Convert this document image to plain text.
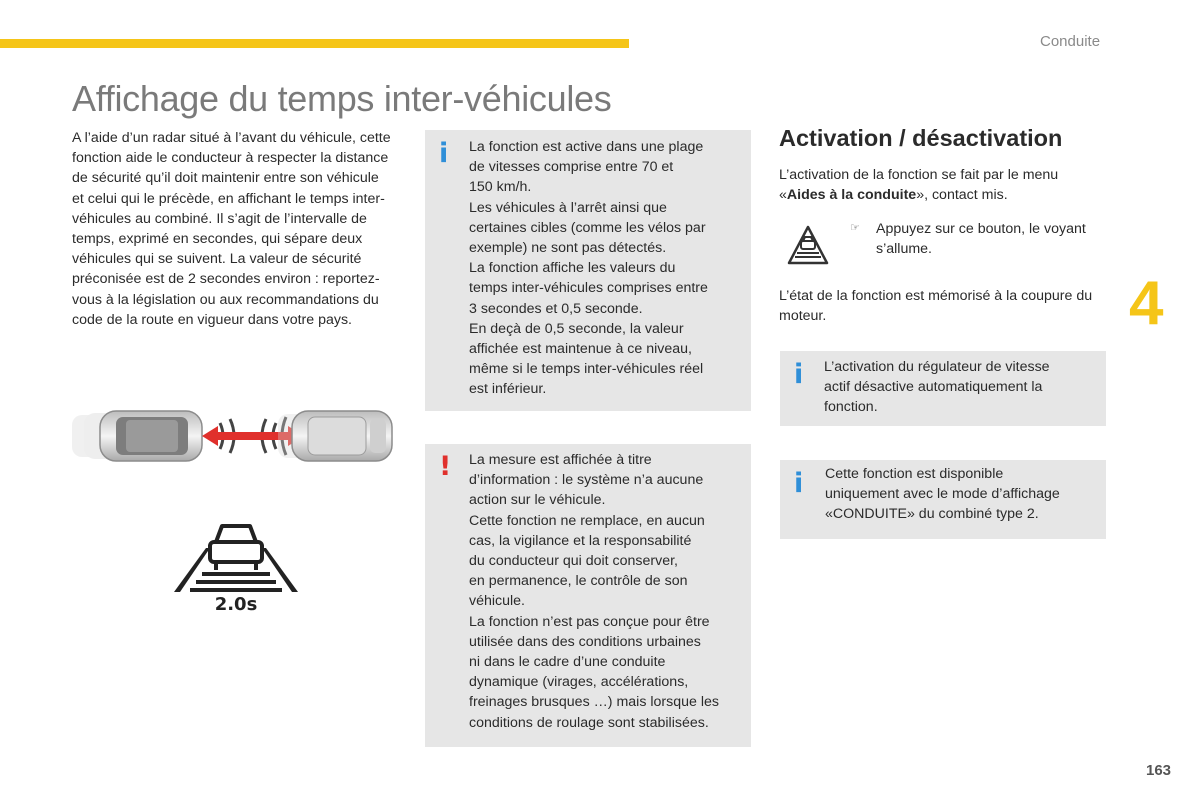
Conduite
Affichage du temps inter-véhicules

A l’aide d’un radar situé à l’avant du véhicule, cette fonction aide le conducteur à respecter la distance de sécurité qu’il doit maintenir entre son véhicule et celui qui le précède, en affichant le temps inter-véhicules au combiné. Il s’agit de l’intervalle de temps, exprimé en secondes, qui sépare deux véhicules qui se suivent. La valeur de sécurité préconisée est de 2 secondes environ : reportez-vous à la législation ou aux recommandations du code de la route en vigueur dans votre pays.

2.0s
i La fonction est active dans une plage
de vitesses comprise entre 70 et
150 km/h.
Les véhicules à l’arrêt ainsi que
certaines cibles (comme les vélos par
exemple) ne sont pas détectés.
La fonction affiche les valeurs du
temps inter-véhicules comprises entre
3 secondes et 0,5 seconde.
En deçà de 0,5 seconde, la valeur
affichée est maintenue à ce niveau,
même si le temps inter-véhicules réel
est inférieur.

! La mesure est affichée à titre
d’information : le système n’a aucune
action sur le véhicule.
Cette fonction ne remplace, en aucun
cas, la vigilance et la responsabilité
du conducteur qui doit conserver,
en permanence, le contrôle de son
véhicule.
La fonction n’est pas conçue pour être
utilisée dans des conditions urbaines
ni dans le cadre d’une conduite
dynamique (virages, accélérations,
freinages brusques …) mais lorsque les
conditions de roulage sont stabilisées.

Activation / désactivation

L’activation de la fonction se fait par le menu «Aides à la conduite», contact mis.

☞ Appuyez sur ce bouton, le voyant s’allume.

L’état de la fonction est mémorisé à la coupure du moteur.	4
i L’activation du régulateur de vitesse
actif désactive automatiquement la
fonction.

i Cette fonction est disponible
uniquement avec le mode d’affichage
«CONDUITE» du combiné type 2.

163
